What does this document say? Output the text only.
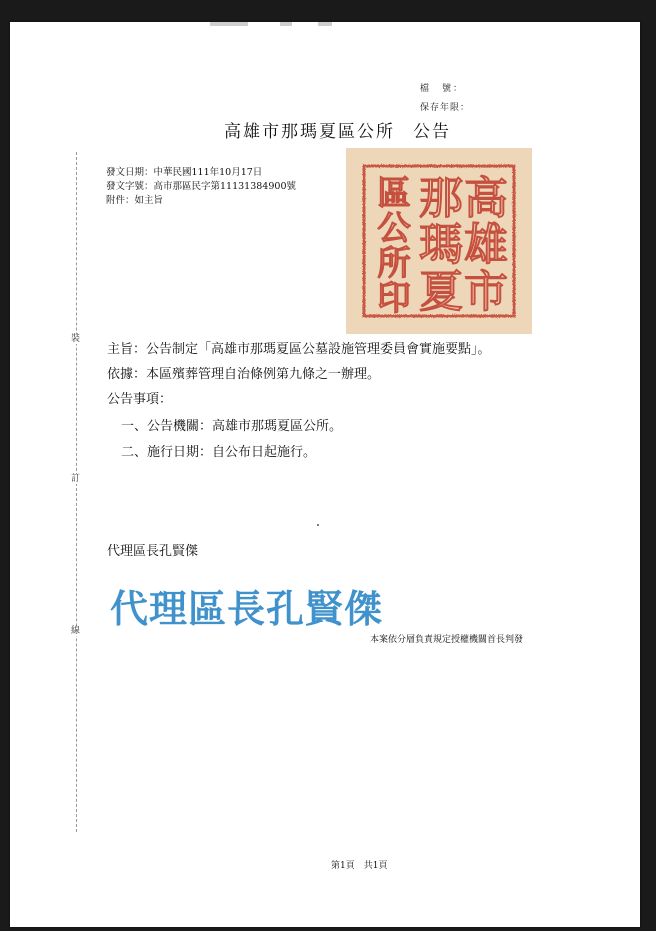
裝
訂
線
檔　號：
保存年限：
高雄市那瑪夏區公所 公告
發文日期：中華民國111年10月17日
發文字號：高市那區民字第11131384900號
附件：如主旨	高
雄
市
那
瑪
夏
區
公
所
印
主旨：公告制定「高雄市那瑪夏區公墓設施管理委員會實施要點」。
依據：本區殯葬管理自治條例第九條之一辦理。
公告事項：
一、公告機關：高雄市那瑪夏區公所。
二、施行日期：自公布日起施行。
代理區長孔賢傑
代理區長孔賢傑
本案依分層負責規定授權機關首長判發
第1頁　共1頁
